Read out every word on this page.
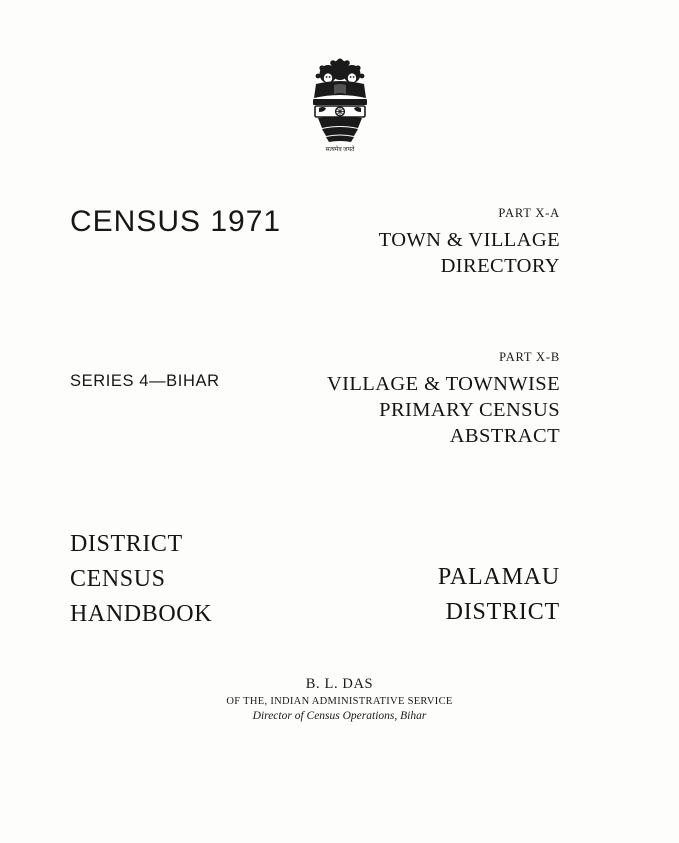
सत्यमेव जयते
CENSUS 1971	PART X-A
TOWN & VILLAGE
DIRECTORY
SERIES 4—BIHAR
PART X-B
VILLAGE & TOWNWISE
PRIMARY CENSUS
ABSTRACT
DISTRICT
CENSUS
HANDBOOK
PALAMAU
DISTRICT
B. L. DAS
OF THE, INDIAN ADMINISTRATIVE SERVICE
Director of Census Operations, Bihar
